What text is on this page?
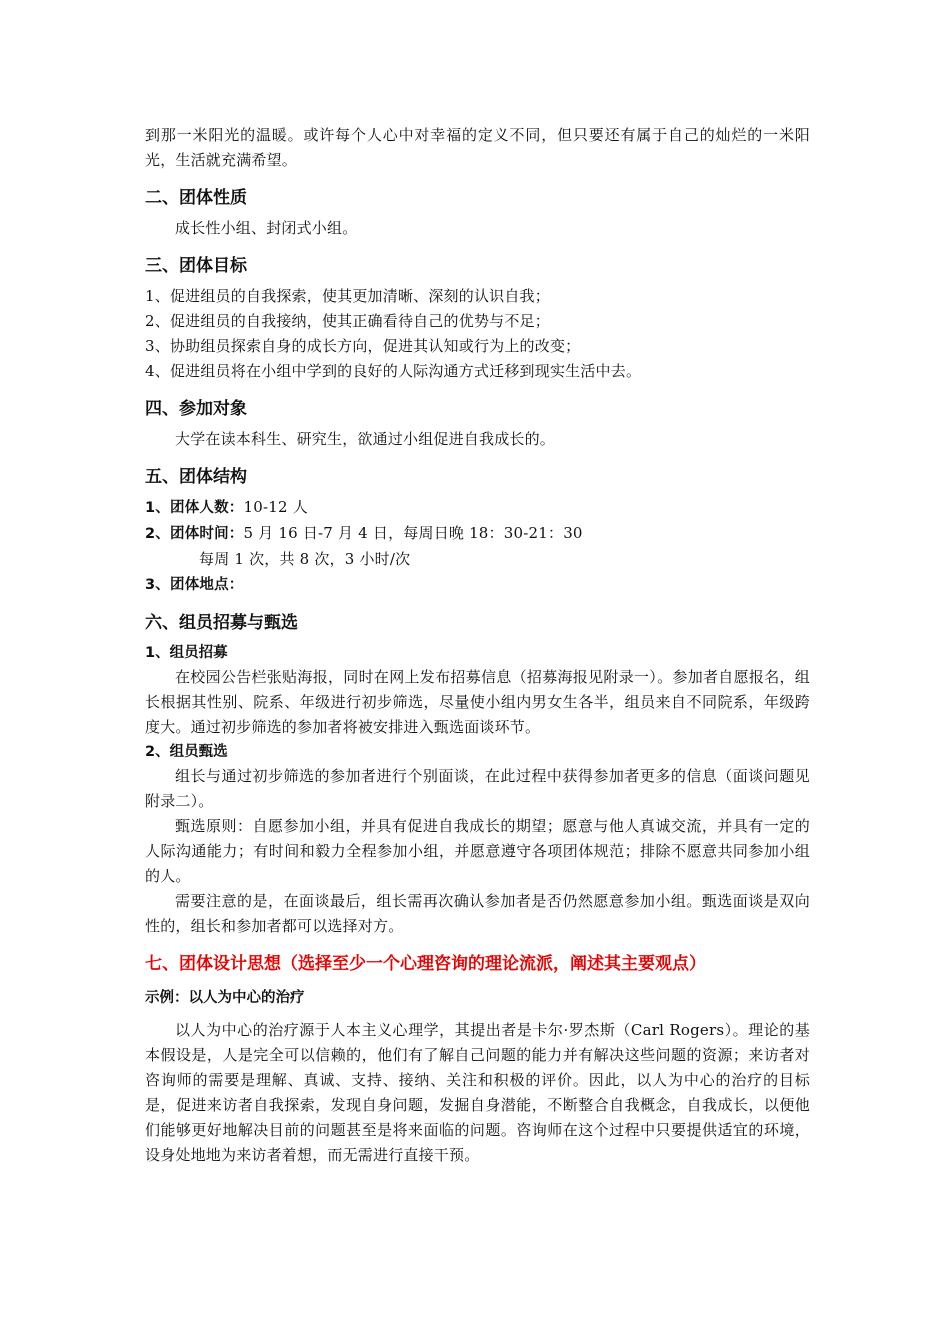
到那一米阳光的温暖。或许每个人心中对幸福的定义不同，但只要还有属于自己的灿烂的一米阳光，生活就充满希望。

二、团体性质

成长性小组、封闭式小组。

三、团体目标

1、促进组员的自我探索，使其更加清晰、深刻的认识自我；

2、促进组员的自我接纳，使其正确看待自己的优势与不足；

3、协助组员探索自身的成长方向，促进其认知或行为上的改变；

4、促进组员将在小组中学到的良好的人际沟通方式迁移到现实生活中去。

四、参加对象

大学在读本科生、研究生，欲通过小组促进自我成长的。

五、团体结构

1、团体人数：10-12 人

2、团体时间：5 月 16 日-7 月 4 日，每周日晚 18：30-21：30

每周 1 次，共 8 次，3 小时/次

3、团体地点：

六、组员招募与甄选
1、组员招募

在校园公告栏张贴海报，同时在网上发布招募信息（招募海报见附录一）。参加者自愿报名，组长根据其性别、院系、年级进行初步筛选，尽量使小组内男女生各半，组员来自不同院系，年级跨度大。通过初步筛选的参加者将被安排进入甄选面谈环节。

2、组员甄选

组长与通过初步筛选的参加者进行个别面谈，在此过程中获得参加者更多的信息（面谈问题见附录二）。

甄选原则：自愿参加小组，并具有促进自我成长的期望；愿意与他人真诚交流，并具有一定的人际沟通能力；有时间和毅力全程参加小组，并愿意遵守各项团体规范；排除不愿意共同参加小组的人。

需要注意的是，在面谈最后，组长需再次确认参加者是否仍然愿意参加小组。甄选面谈是双向性的，组长和参加者都可以选择对方。

七、团体设计思想（选择至少一个心理咨询的理论流派，阐述其主要观点）
示例：以人为中心的治疗

以人为中心的治疗源于人本主义心理学，其提出者是卡尔·罗杰斯（Carl Rogers）。理论的基本假设是，人是完全可以信赖的，他们有了解自己问题的能力并有解决这些问题的资源；来访者对咨询师的需要是理解、真诚、支持、接纳、关注和积极的评价。因此，以人为中心的治疗的目标是，促进来访者自我探索，发现自身问题，发掘自身潜能，不断整合自我概念，自我成长，以便他们能够更好地解决目前的问题甚至是将来面临的问题。咨询师在这个过程中只要提供适宜的环境，设身处地地为来访者着想，而无需进行直接干预。
